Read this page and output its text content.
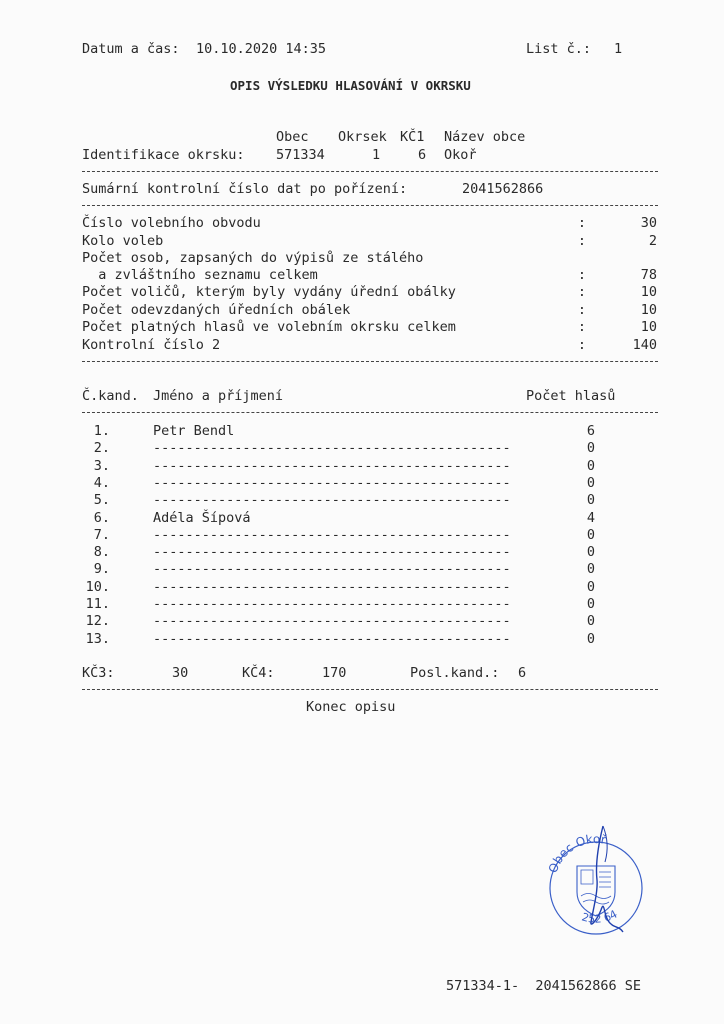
Datum a čas: 10.10.2020 14:35	List č.: 1
OPIS VÝSLEDKU HLASOVÁNÍ V OKRSKU
Obec Okrsek KČ1 Název obce
Identifikace okrsku: 571334	1	6 Okoř
Sumární kontrolní číslo dat po pořízení:	2041562866
Číslo volebního obvodu	:	30
Kolo voleb	:	2
Počet osob, zapsaných do výpisů ze stálého
a zvláštního seznamu celkem	:	78
Počet voličů, kterým byly vydány úřední obálky	:	10
Počet odevzdaných úředních obálek	:	10
Počet platných hlasů ve volebním okrsku celkem	:	10
Kontrolní číslo 2	:	140
Č.kand. Jméno a příjmení	Počet hlasů
1.	Petr Bendl	6
2.	--------------------------------------------	0
3.	--------------------------------------------	0
4.	--------------------------------------------	0
5.	--------------------------------------------	0
6.	Adéla Šípová	4
7.	--------------------------------------------	0
8.	--------------------------------------------	0
9.	--------------------------------------------	0
10.	--------------------------------------------	0
11.	--------------------------------------------	0
12.	--------------------------------------------	0
13.	--------------------------------------------	0
KČ3:	30	KČ4:	170	Posl.kand.: 6
Konec opisu
Obec Okoř
252 64
571334-1-  2041562866 SE
